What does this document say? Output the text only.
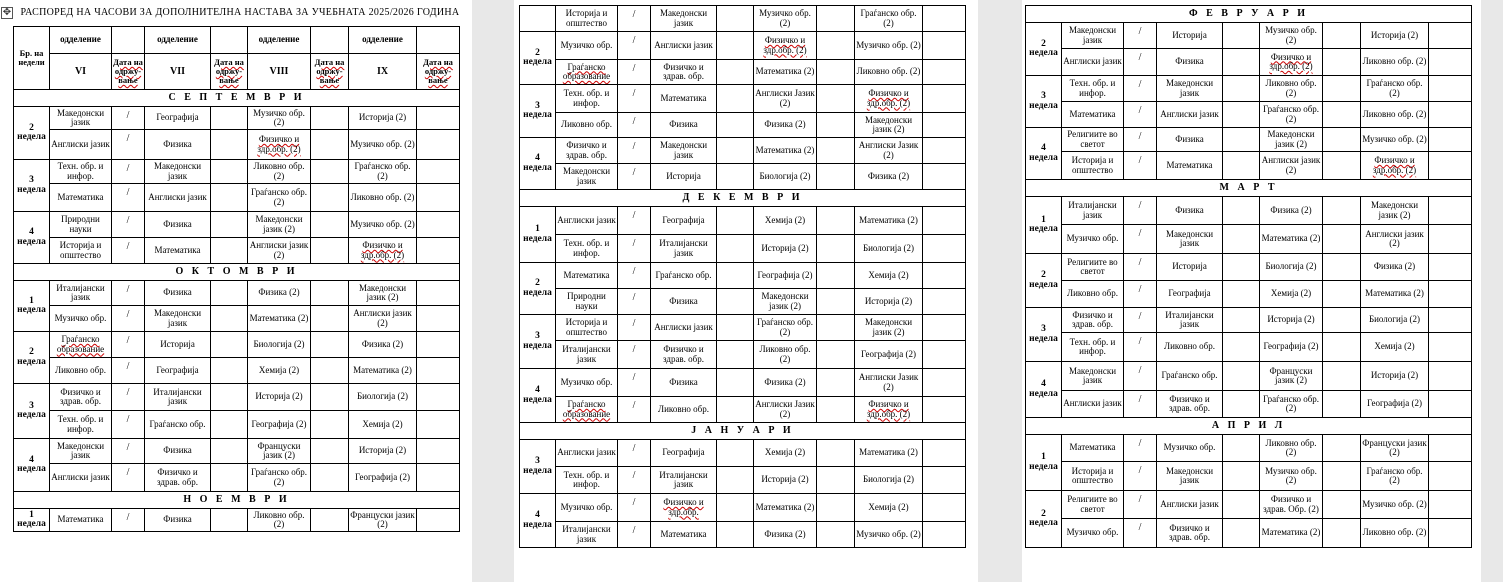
✥ РАСПОРЕД НА ЧАСОВИ ЗА ДОПОЛНИТЕЛНА НАСТАВА ЗА УЧЕБНАТА 2025/2026 ГОДИНА
Бр. на недели	одделение		одделение		одделение		одделение	
	VI	Дата на одржу-вање	VII	Дата на одржу-вање	VIII	Дата на одржу-вање	IX	Дата на одржу-вање
С Е П Т Е М В Р И								
2 недела	Македонски јазик	/	Географија		Музичко обр. (2)		Историја (2)	
	Англиски јазик	/	Физика		Физичко и здр.обр. (2)		Музичко обр. (2)	
3 недела	Техн. обр. и инфор.	/	Македонски јазик		Ликовно обр. (2)		Граѓанско обр. (2)	
	Математика	/	Англиски јазик		Граѓанско обр. (2)		Ликовно обр. (2)	
4 недела	Природни науки	/	Физика		Македонски јазик (2)		Музичко обр. (2)	
	Историја и општество	/	Математика		Англиски јазик (2)		Физичко и здр.обр. (2)	
О К Т О М В Р И								
1 недела	Италијански јазик	/	Физика		Физика (2)		Македонски јазик (2)	
	Музичко обр.	/	Македонски јазик		Математика (2)		Англиски јазик (2)	
2 недела	Граѓанско образование	/	Историја		Биологија (2)		Физика (2)	
	Ликовно обр.	/	Географија		Хемија (2)		Математика (2)	
3 недела	Физичко и здрав. обр.	/	Италијански јазик		Историја (2)		Биологија (2)	
	Техн. обр. и инфор.	/	Граѓанско обр.		Географија (2)		Хемија (2)	
4 недела	Македонски јазик	/	Физика		Француски јазик (2)		Историја (2)	
	Англиски јазик	/	Физичко и здрав. обр.		Граѓанско обр. (2)		Географија (2)	
Н О Е М В Р И								
1 недела	Математика	/	Физика		Ликовно обр. (2)		Француски јазик (2)	
	Историја и општество	/	Македонски јазик		Музичко обр. (2)		Граѓанско обр. (2)	
2 недела	Музичко обр.	/	Англиски јазик		Физичко и здр.обр. (2)		Музичко обр. (2)	
	Граѓанско образование	/	Физичко и здрав. обр.		Математика (2)		Ликовно обр. (2)	
3 недела	Техн. обр. и инфор.	/	Математика		Англиски Јазик (2)		Физичко и здр.обр. (2)	
	Ликовно обр.	/	Физика		Физика (2)		Македонски јазик (2)	
4 недела	Физичко и здрав. обр.	/	Македонски јазик		Математика (2)		Англиски Јазик (2)	
	Македонски јазик	/	Историја		Биологија (2)		Физика (2)	
Д Е К Е М В Р И								
1 недела	Англиски јазик	/	Географија		Хемија (2)		Математика (2)	
	Техн. обр. и инфор.	/	Италијански јазик		Историја (2)		Биологија (2)	
2 недела	Математика	/	Граѓанско обр.		Географија (2)		Хемија (2)	
	Природни науки	/	Физика		Македонски јазик (2)		Историја (2)	
3 недела	Историја и општество	/	Англиски јазик		Граѓанско обр. (2)		Македонски јазик (2)	
	Италијански јазик	/	Физичко и здрав. обр.		Ликовно обр. (2)		Географија (2)	
4 недела	Музичко обр.	/	Физика		Физика (2)		Англиски Јазик (2)	
	Граѓанско образование	/	Ликовно обр.		Англиски Јазик (2)		Физичко и здр.обр. (2)	
Ј А Н У А Р И								
3 недела	Англиски јазик	/	Географија		Хемија (2)		Математика (2)	
	Техн. обр. и инфор.	/	Италијански јазик		Историја (2)		Биологија (2)	
4 недела	Музичко обр.	/	Физичко и здр.обр.		Математика (2)		Хемија (2)	
	Италијански јазик	/	Математика		Физика (2)		Музичко обр. (2)	
Ф Е В Р У А Р И								
2 недела	Македонски јазик	/	Историја		Музичко обр. (2)		Историја (2)	
	Англиски јазик	/	Физика		Физичко и здр.обр. (2)		Ликовно обр. (2)	
3 недела	Техн. обр. и инфор.	/	Македонски јазик		Ликовно обр. (2)		Граѓанско обр. (2)	
	Математика	/	Англиски јазик		Граѓанско обр. (2)		Ликовно обр. (2)	
4 недела	Религиите во светот	/	Физика		Македонски јазик (2)		Музичко обр. (2)	
	Историја и општество	/	Математика		Англиски јазик (2)		Физичко и здр.обр. (2)	
М А Р Т								
1 недела	Италијански јазик	/	Физика		Физика (2)		Македонски јазик (2)	
	Музичко обр.	/	Македонски јазик		Математика (2)		Англиски јазик (2)	
2 недела	Религиите во светот	/	Историја		Биологија (2)		Физика (2)	
	Ликовно обр.	/	Географија		Хемија (2)		Математика (2)	
3 недела	Физичко и здрав. обр.	/	Италијански јазик		Историја (2)		Биологија (2)	
	Техн. обр. и инфор.	/	Ликовно обр.		Географија (2)		Хемија (2)	
4 недела	Македонски јазик	/	Граѓанско обр.		Француски јазик (2)		Историја (2)	
	Англиски јазик	/	Физичко и здрав. обр.		Граѓанско обр. (2)		Географија (2)	
А П Р И Л								
1 недела	Математика	/	Музичко обр.		Ликовно обр. (2)		Француски јазик (2)	
	Историја и општество	/	Македонски јазик		Музичко обр. (2)		Граѓанско обр. (2)	
2 недела	Религиите во светот	/	Англиски јазик		Физичко и здрав. Обр. (2)		Музичко обр. (2)	
	Музичко обр.	/	Физичко и здрав. обр.		Математика (2)		Ликовно обр. (2)	
